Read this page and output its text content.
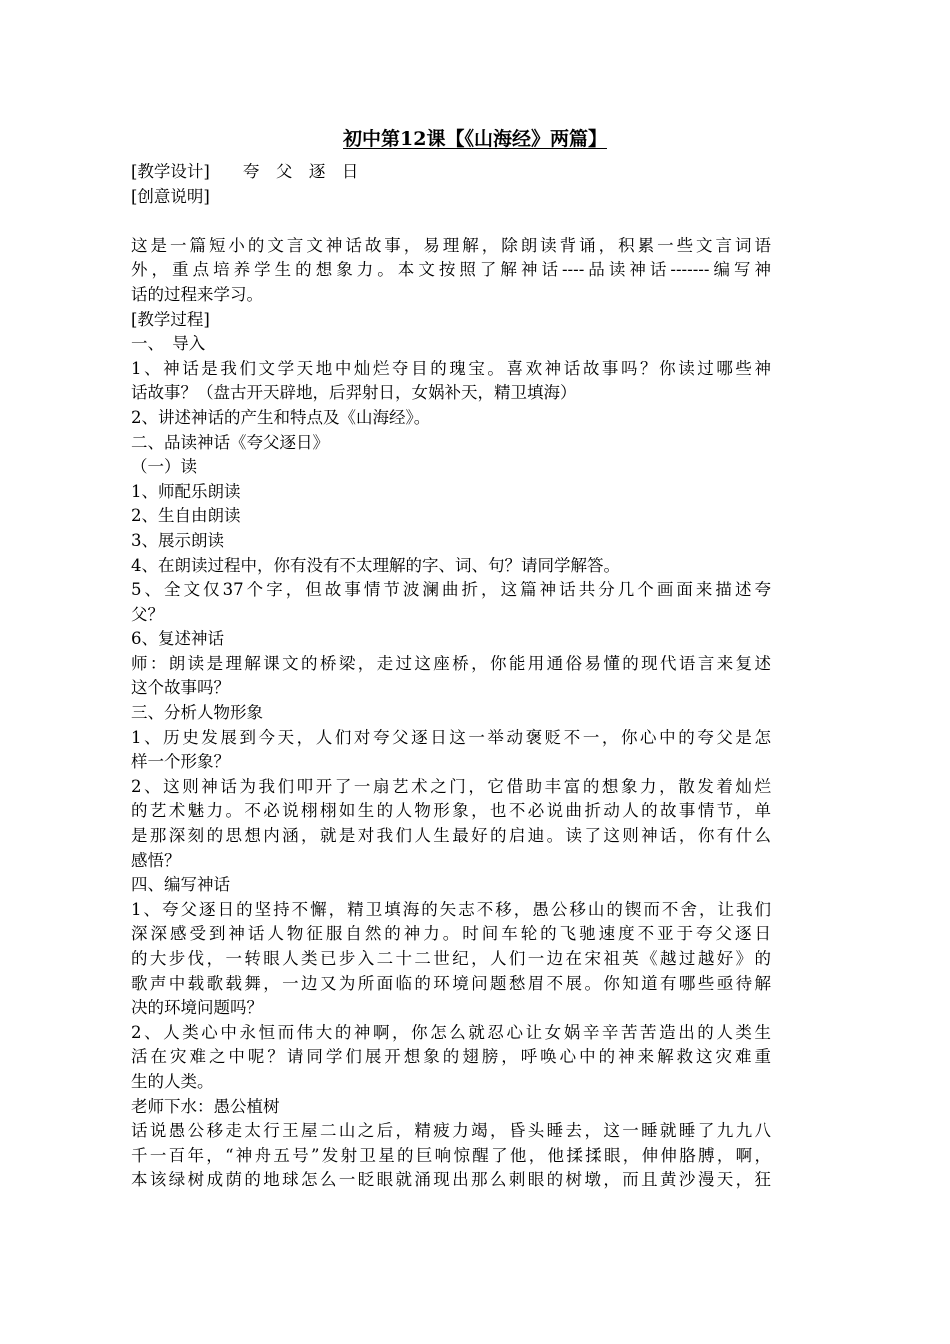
初中第12课【《山海经》两篇】
[教学设计]　　夸　父　逐　日
[创意说明]
这是一篇短小的文言文神话故事，易理解，除朗读背诵，积累一些文言词语
外，重点培养学生的想象力。本文按照了解神话----品读神话-------编写神
话的过程来学习。
[教学过程]
一、　导入
1、神话是我们文学天地中灿烂夺目的瑰宝。喜欢神话故事吗？你读过哪些神
话故事？（盘古开天辟地，后羿射日，女娲补天，精卫填海）
2、讲述神话的产生和特点及《山海经》。
二、品读神话《夸父逐日》
（一）读
1、师配乐朗读
2、生自由朗读
3、展示朗读
4、在朗读过程中，你有没有不太理解的字、词、句？请同学解答。
5、全文仅37个字，但故事情节波澜曲折，这篇神话共分几个画面来描述夸
父？
6、复述神话
师：朗读是理解课文的桥梁，走过这座桥，你能用通俗易懂的现代语言来复述
这个故事吗？
三、分析人物形象
1、历史发展到今天，人们对夸父逐日这一举动褒贬不一，你心中的夸父是怎
样一个形象？
2、这则神话为我们叩开了一扇艺术之门，它借助丰富的想象力，散发着灿烂
的艺术魅力。不必说栩栩如生的人物形象，也不必说曲折动人的故事情节，单
是那深刻的思想内涵，就是对我们人生最好的启迪。读了这则神话，你有什么
感悟？
四、编写神话
1、夸父逐日的坚持不懈，精卫填海的矢志不移，愚公移山的锲而不舍，让我们
深深感受到神话人物征服自然的神力。时间车轮的飞驰速度不亚于夸父逐日
的大步伐，一转眼人类已步入二十二世纪，人们一边在宋祖英《越过越好》的
歌声中载歌载舞，一边又为所面临的环境问题愁眉不展。你知道有哪些亟待解
决的环境问题吗？
2、人类心中永恒而伟大的神啊，你怎么就忍心让女娲辛辛苦苦造出的人类生
活在灾难之中呢？请同学们展开想象的翅膀，呼唤心中的神来解救这灾难重
生的人类。
老师下水：愚公植树
话说愚公移走太行王屋二山之后，精疲力竭，昏头睡去，这一睡就睡了九九八
千一百年，“神舟五号”发射卫星的巨响惊醒了他，他揉揉眼，伸伸胳膊，啊，
本该绿树成荫的地球怎么一眨眼就涌现出那么刺眼的树墩，而且黄沙漫天，狂
